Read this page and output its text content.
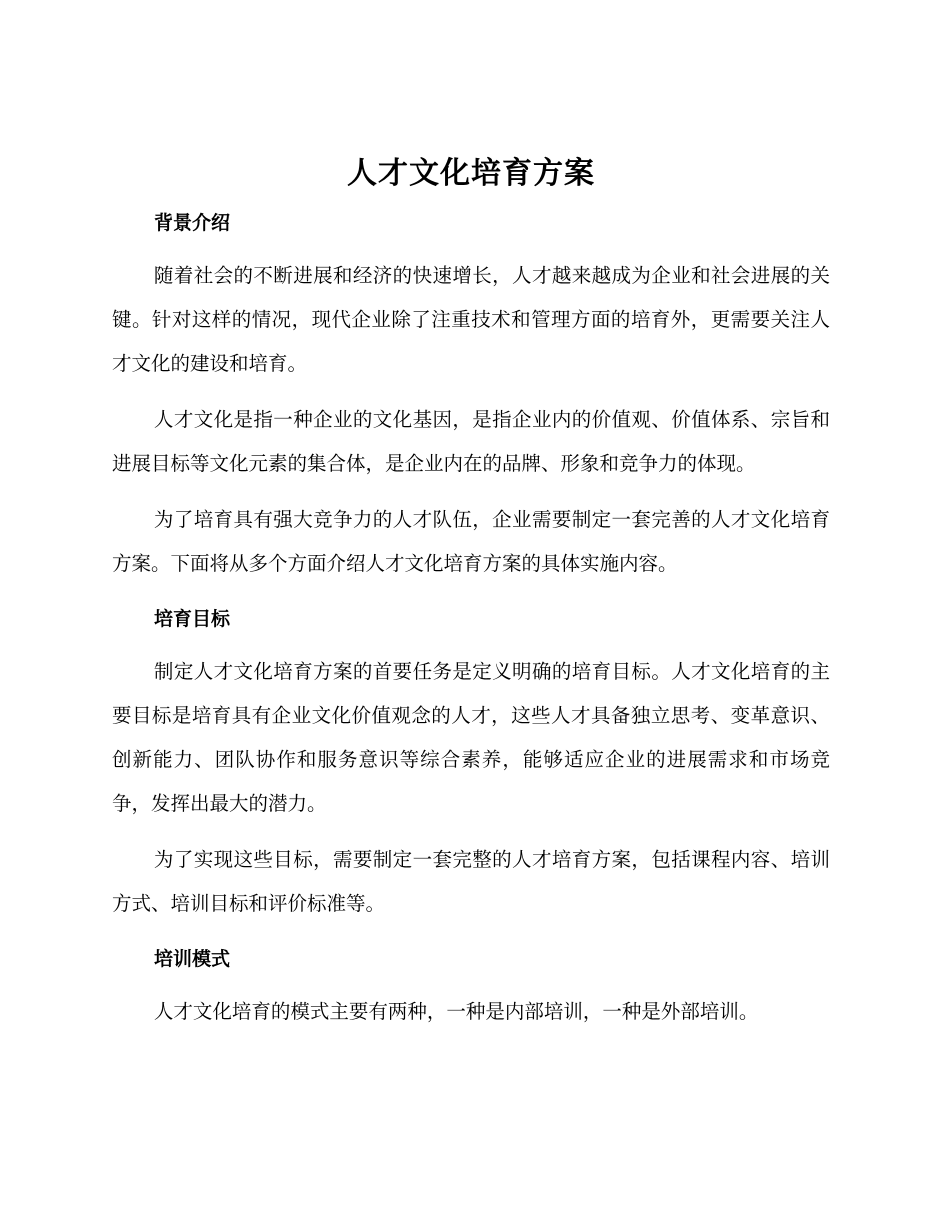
人才文化培育方案
背景介绍

随着社会的不断进展和经济的快速增长，人才越来越成为企业和社会进展的关键。针对这样的情况，现代企业除了注重技术和管理方面的培育外，更需要关注人才文化的建设和培育。

人才文化是指一种企业的文化基因，是指企业内的价值观、价值体系、宗旨和进展目标等文化元素的集合体，是企业内在的品牌、形象和竞争力的体现。

为了培育具有强大竞争力的人才队伍，企业需要制定一套完善的人才文化培育方案。下面将从多个方面介绍人才文化培育方案的具体实施内容。

培育目标

制定人才文化培育方案的首要任务是定义明确的培育目标。人才文化培育的主要目标是培育具有企业文化价值观念的人才，这些人才具备独立思考、变革意识、创新能力、团队协作和服务意识等综合素养，能够适应企业的进展需求和市场竞争，发挥出最大的潜力。

为了实现这些目标，需要制定一套完整的人才培育方案，包括课程内容、培训方式、培训目标和评价标准等。

培训模式

人才文化培育的模式主要有两种，一种是内部培训，一种是外部培训。
